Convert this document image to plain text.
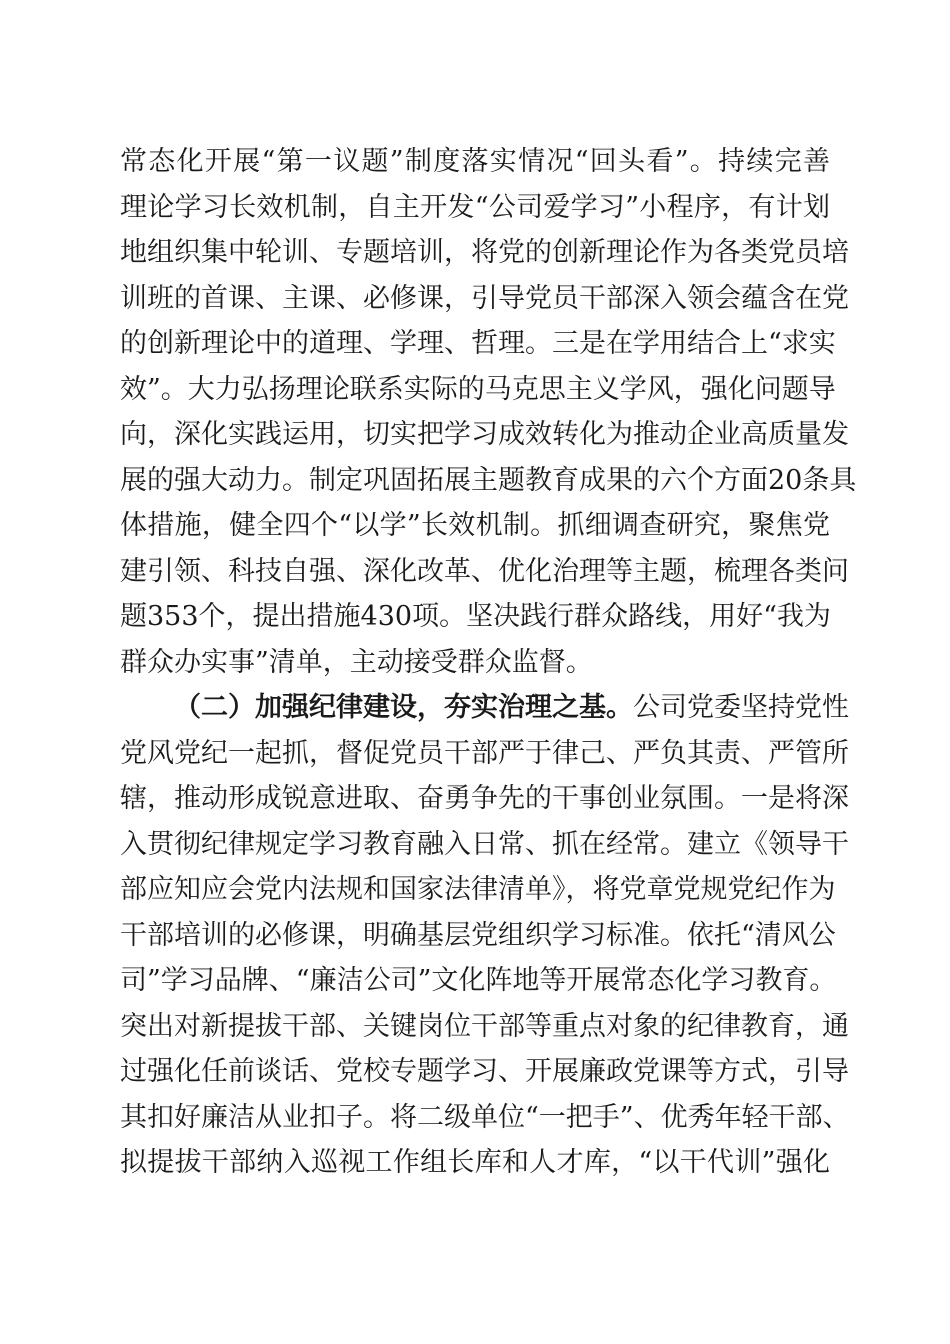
常态化开展“第一议题”制度落实情况“回头看”。持续完善
理论学习长效机制，自主开发“公司爱学习”小程序，有计划
地组织集中轮训、专题培训，将党的创新理论作为各类党员培
训班的首课、主课、必修课，引导党员干部深入领会蕴含在党
的创新理论中的道理、学理、哲理。三是在学用结合上“求实
效”。大力弘扬理论联系实际的马克思主义学风，强化问题导
向，深化实践运用，切实把学习成效转化为推动企业高质量发
展的强大动力。制定巩固拓展主题教育成果的六个方面20条具
体措施，健全四个“以学”长效机制。抓细调查研究，聚焦党
建引领、科技自强、深化改革、优化治理等主题，梳理各类问
题353个，提出措施430项。坚决践行群众路线，用好“我为
群众办实事”清单，主动接受群众监督。
（二）加强纪律建设，夯实治理之基。公司党委坚持党性
党风党纪一起抓，督促党员干部严于律己、严负其责、严管所
辖，推动形成锐意进取、奋勇争先的干事创业氛围。一是将深
入贯彻纪律规定学习教育融入日常、抓在经常。建立《领导干
部应知应会党内法规和国家法律清单》，将党章党规党纪作为
干部培训的必修课，明确基层党组织学习标准。依托“清风公
司”学习品牌、“廉洁公司”文化阵地等开展常态化学习教育。
突出对新提拔干部、关键岗位干部等重点对象的纪律教育，通
过强化任前谈话、党校专题学习、开展廉政党课等方式，引导
其扣好廉洁从业扣子。将二级单位“一把手”、优秀年轻干部、
拟提拔干部纳入巡视工作组长库和人才库，“以干代训”强化
